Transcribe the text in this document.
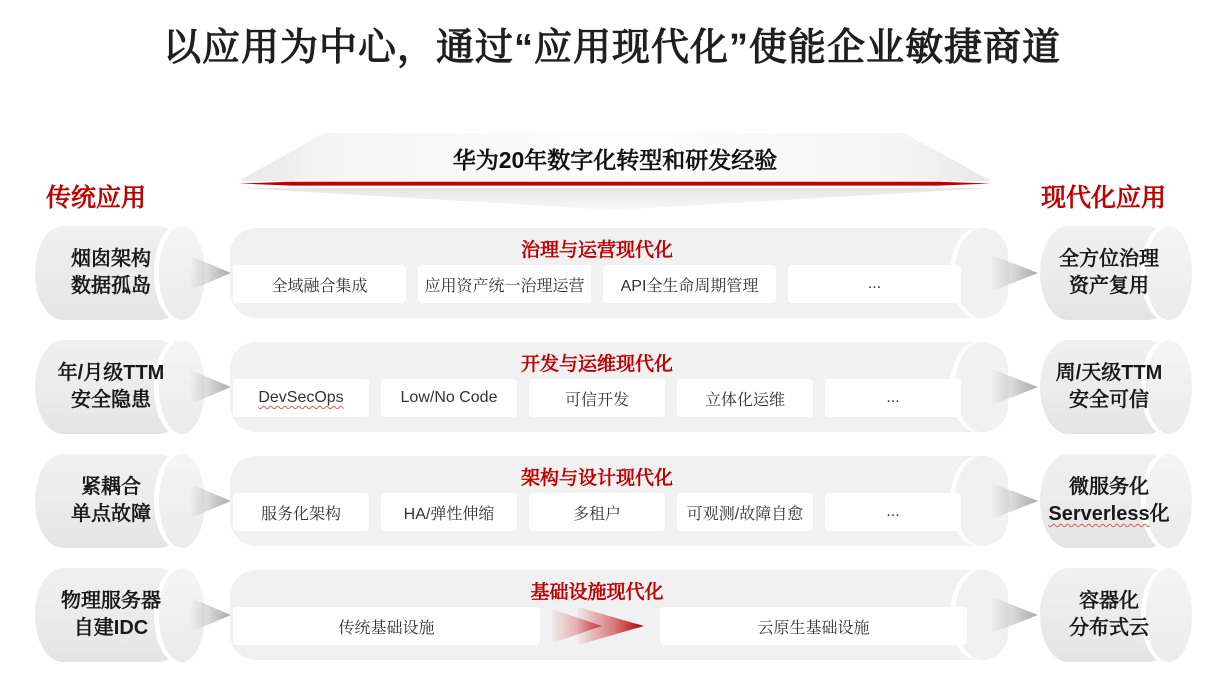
以应用为中心，通过“应用现代化”使能企业敏捷商道
华为20年数字化转型和研发经验
传统应用	现代化应用
烟囱架构
数据孤岛
年/月级TTM
安全隐患
紧耦合
单点故障
物理服务器
自建IDC
治理与运营现代化
全域融合集成	应用资产统一治理运营	API全生命周期管理	...
开发与运维现代化
DevSecOps	Low/No Code	可信开发	立体化运维	...
架构与设计现代化
服务化架构	HA/弹性伸缩	多租户	可观测/故障自愈	...
基础设施现代化
传统基础设施	云原生基础设施
全方位治理
资产复用
周/天级TTM
安全可信
微服务化
Serverless化
容器化
分布式云
